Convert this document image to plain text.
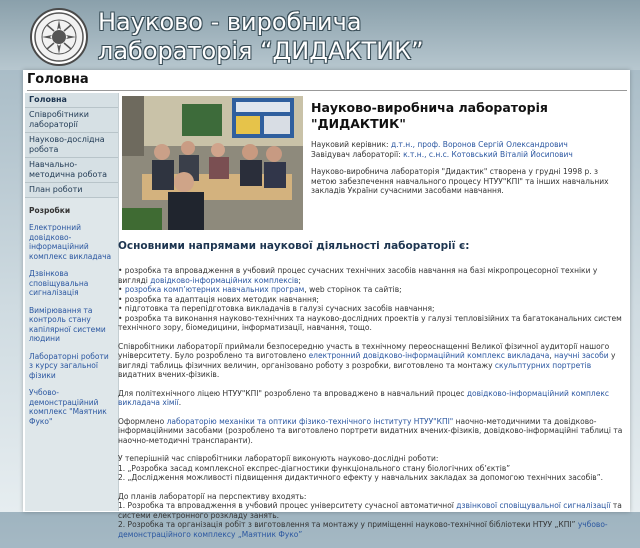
Науково - виробнича
лабораторія “ДИДАКТИК”
Головна
Головна
Співробітники лабораторії
Науково-дослідна робота
Навчально-методична робота
План роботи
Розробки
Електронний довідково-інформаційний комплекс викладача
Дзвінкова сповіщувальна сигналізація
Вимірювання та контроль стану капілярної системи людини
Лабораторні роботи з курсу загальної фізики
Учбово-демонстраційний комплекс "Маятник Фуко"
Науково-виробнича лабораторія
"ДИДАКТИК"

Науковий керівник: д.т.н., проф. Воронов Сергій Олександрович

Завідувач лабораторії: к.т.н., с.н.с. Котовський Віталій Йосипович

Науково-виробнича лабораторія "Дидактик" створена у грудні 1998 р. з метою забезпечення навчального процесу НТУУ"КПІ" та інших навчальних закладів України сучасними засобами навчання.

Основними напрямами наукової діяльності лабораторії є:
• розробка та впровадження в учбовий процес сучасних технічних засобів навчання на базі мікропроцесорної техніки у вигляді довідково-інформаційних комплексів;
• розробка комп’ютерних навчальних програм, web сторінок та сайтів;
• розробка та адаптація нових методик навчання;
• підготовка та перепідготовка викладачів в галузі сучасних засобів навчання;
• розробка та виконання науково-технічних та науково-дослідних проектів у галузі тепловізійних та багатоканальних систем технічного зору, біомедицини, інформатизації, навчання, тощо.

Співробітники лабораторії приймали безпосередню участь в технічному переоснащенні Великої фізичної аудиторії нашого університету. Було розроблено та виготовлено електронний довідково-інформаційний комплекс викладача, научні засоби у вигляді таблиць фізичних величин, організовано роботу з розробки, виготовлено та монтажу скульптурних портретів видатних вчених-фізиків.

Для політехнічного ліцею НТУУ"КПІ" розроблено та впроваджено в навчальний процес довідково-інформаційний комплекс викладача хімії.

Оформлено лабораторію механіки та оптики фізико-технічного інституту НТУУ"КПІ" наочно-методичними та довідково-інформаційними засобами (розроблено та виготовлено портрети видатних вчених-фізиків, довідково-інформаційні таблиці та наочно-методичні транспаранти).

У теперішній час співробітники лабораторії виконують науково-дослідні роботи:
1. „Розробка засад комплексної експрес-діагностики функціонального стану біологічних об’єктів”
2. „Дослідження можливості підвищення дидактичного ефекту у навчальних закладах за допомогою технічних засобів”.

До планів лабораторії на перспективу входять:
1. Розробка та впровадження в учбовий процес університету сучасної автоматичної дзвінкової сповіщувальної сигналізації та системи електронного розкладу занять.
2. Розробка та організація робіт з виготовлення та монтажу у приміщенні науково-технічної бібліотеки НТУУ „КПІ” учбово-демонстраційного комплексу „Маятник Фуко”
